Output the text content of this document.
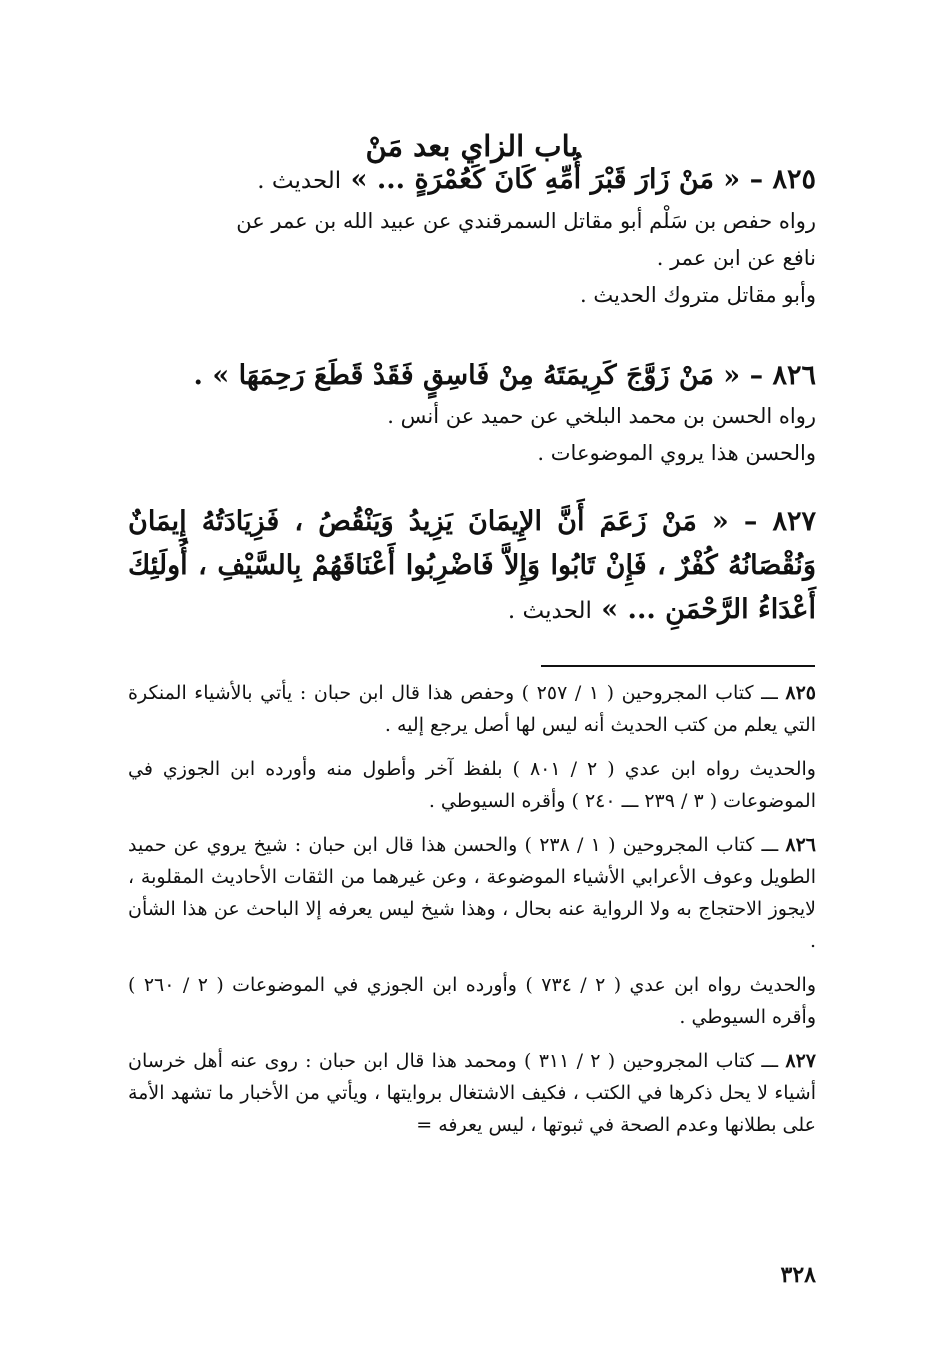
باب الزاي بعد مَنْ

٨٢٥ – « مَنْ زَارَ قَبْرَ أُمِّهِ كَانَ كَعُمْرَةٍ ... » الحديث .

رواه حفص بن سَلْم أبو مقاتل السمرقندي عن عبيد الله بن عمر عن

نافع عن ابن عمر .

وأبو مقاتل متروك الحديث .

٨٢٦ – « مَنْ زَوَّجَ كَرِيمَتَهُ مِنْ فَاسِقٍ فَقَدْ قَطَعَ رَحِمَهَا » .

رواه الحسن بن محمد البلخي عن حميد عن أنس .

والحسن هذا يروي الموضوعات .

٨٢٧ – « مَنْ زَعَمَ أَنَّ الإِيمَانَ يَزِيدُ وَيَنْقُصُ ، فَزِيَادَتُهُ إِيمَانٌ وَنُقْصَانُهُ كُفْرٌ ، فَإِنْ تَابُوا وَإِلاَّ فَاضْرِبُوا أَعْنَاقَهُمْ بِالسَّيْفِ ، أُولَئِكَ أَعْدَاءُ الرَّحْمَنِ ... » الحديث .

٨٢٥ ـــ كتاب المجروحين ( ١ / ٢٥٧ ) وحفص هذا قال ابن حبان : يأتي بالأشياء المنكرة التي يعلم من كتب الحديث أنه ليس لها أصل يرجع إليه .

والحديث رواه ابن عدي ( ٢ / ٨٠١ ) بلفظ آخر وأطول منه وأورده ابن الجوزي في الموضوعات ( ٣ / ٢٣٩ ـــ ٢٤٠ ) وأقره السيوطي .

٨٢٦ ـــ كتاب المجروحين ( ١ / ٢٣٨ ) والحسن هذا قال ابن حبان : شيخ يروي عن حميد الطويل وعوف الأعرابي الأشياء الموضوعة ، وعن غيرهما من الثقات الأحاديث المقلوبة ، لايجوز الاحتجاج به ولا الرواية عنه بحال ، وهذا شيخ ليس يعرفه إلا الباحث عن هذا الشأن .

والحديث رواه ابن عدي ( ٢ / ٧٣٤ ) وأورده ابن الجوزي في الموضوعات ( ٢ / ٢٦٠ ) وأقره السيوطي .

٨٢٧ ـــ كتاب المجروحين ( ٢ / ٣١١ ) ومحمد هذا قال ابن حبان : روى عنه أهل خرسان أشياء لا يحل ذكرها في الكتب ، فكيف الاشتغال بروايتها ، ويأتي من الأخبار ما تشهد الأمة على بطلانها وعدم الصحة في ثبوتها ، ليس يعرفه =

٣٢٨
